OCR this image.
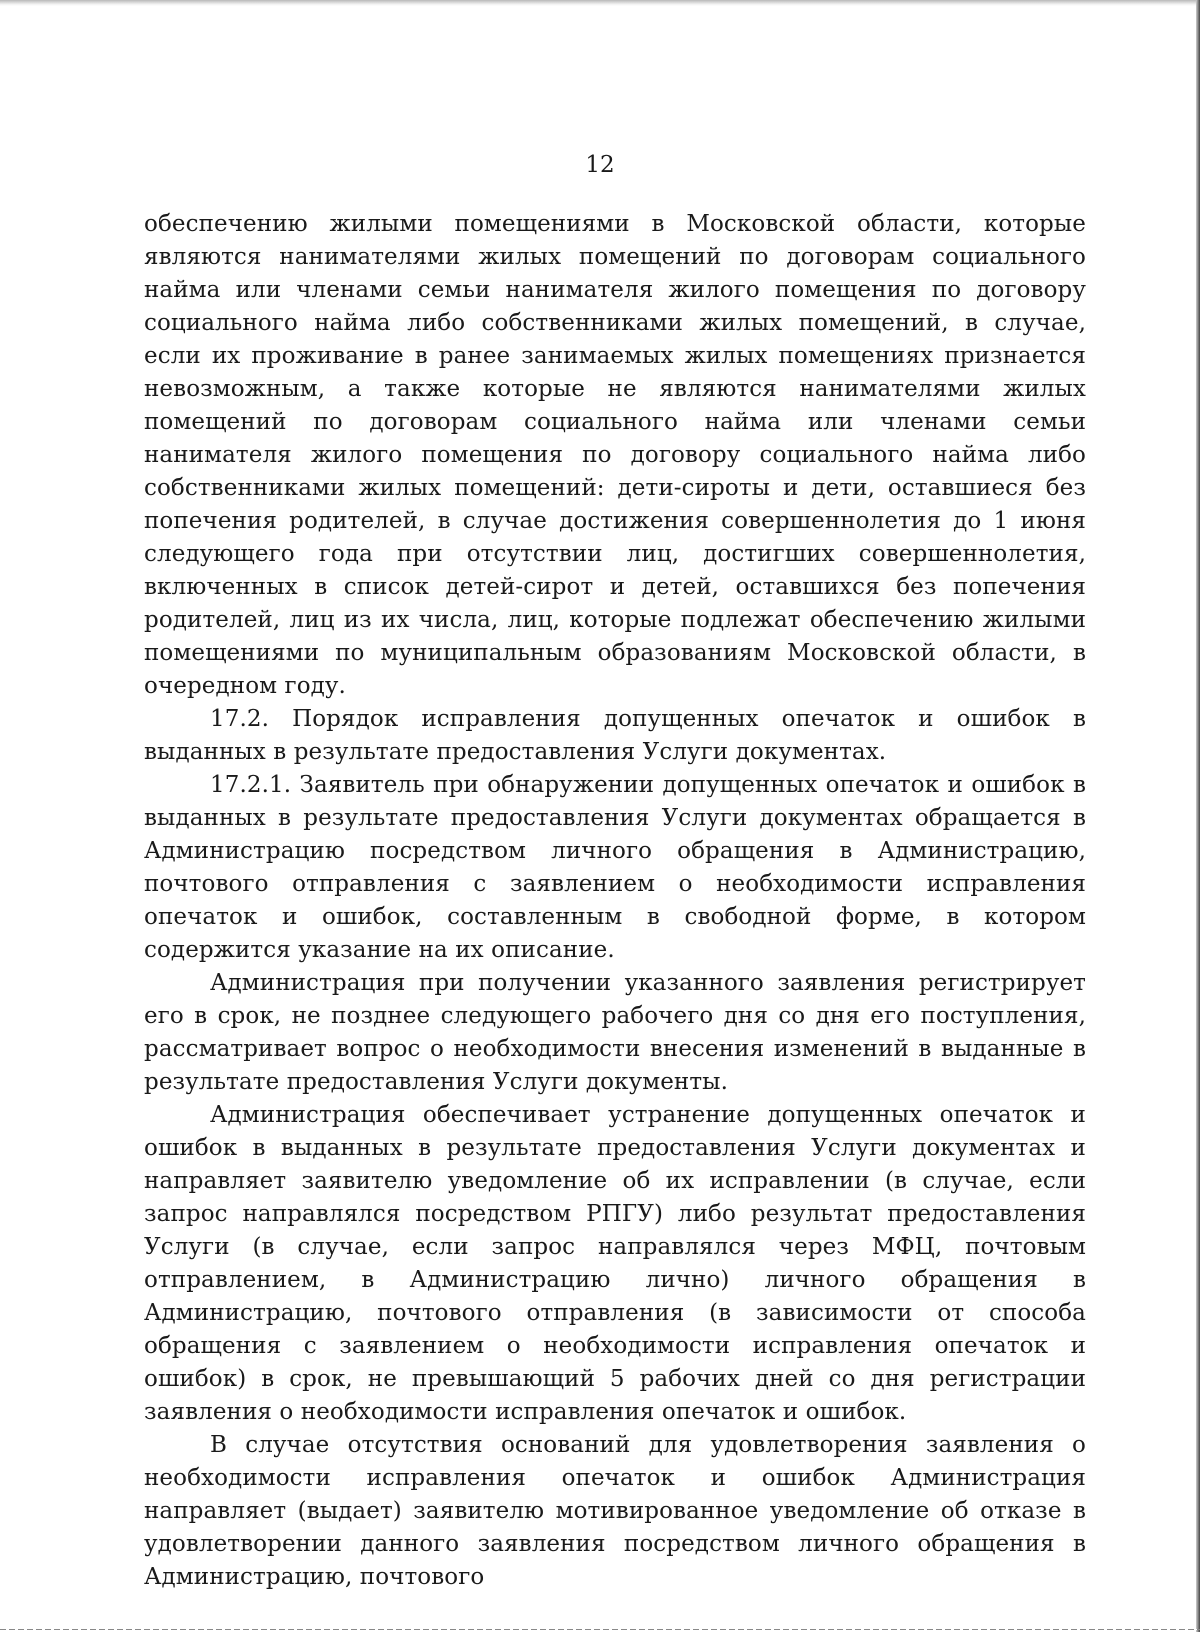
12

обеспечению жилыми помещениями в Московской области, которые являются нанимателями жилых помещений по договорам социального найма или членами семьи нанимателя жилого помещения по договору социального найма либо собственниками жилых помещений, в случае, если их проживание в ранее занимаемых жилых помещениях признается невозможным, а также которые не являются нанимателями жилых помещений по договорам социального найма или членами семьи нанимателя жилого помещения по договору социального найма либо собственниками жилых помещений: дети-сироты и дети, оставшиеся без попечения родителей, в случае достижения совершеннолетия до 1 июня следующего года при отсутствии лиц, достигших совершеннолетия, включенных в список детей-сирот и детей, оставшихся без попечения родителей, лиц из их числа, лиц, которые подлежат обеспечению жилыми помещениями по муниципальным образованиям Московской области, в очередном году.

17.2. Порядок исправления допущенных опечаток и ошибок в выданных в результате предоставления Услуги документах.

17.2.1. Заявитель при обнаружении допущенных опечаток и ошибок в выданных в результате предоставления Услуги документах обращается в Администрацию посредством личного обращения в Администрацию, почтового отправления с заявлением о необходимости исправления опечаток и ошибок, составленным в свободной форме, в котором содержится указание на их описание.

Администрация при получении указанного заявления регистрирует его в срок, не позднее следующего рабочего дня со дня его поступления, рассматривает вопрос о необходимости внесения изменений в выданные в результате предоставления Услуги документы.

Администрация обеспечивает устранение допущенных опечаток и ошибок в выданных в результате предоставления Услуги документах и направляет заявителю уведомление об их исправлении (в случае, если запрос направлялся посредством РПГУ) либо результат предоставления Услуги (в случае, если запрос направлялся через МФЦ, почтовым отправлением, в Администрацию лично) личного обращения в Администрацию, почтового отправления (в зависимости от способа обращения с заявлением о необходимости исправления опечаток и ошибок) в срок, не превышающий 5 рабочих дней со дня регистрации заявления о необходимости исправления опечаток и ошибок.

В случае отсутствия оснований для удовлетворения заявления о необходимости исправления опечаток и ошибок Администрация направляет (выдает) заявителю мотивированное уведомление об отказе в удовлетворении данного заявления посредством личного обращения в Администрацию, почтового
